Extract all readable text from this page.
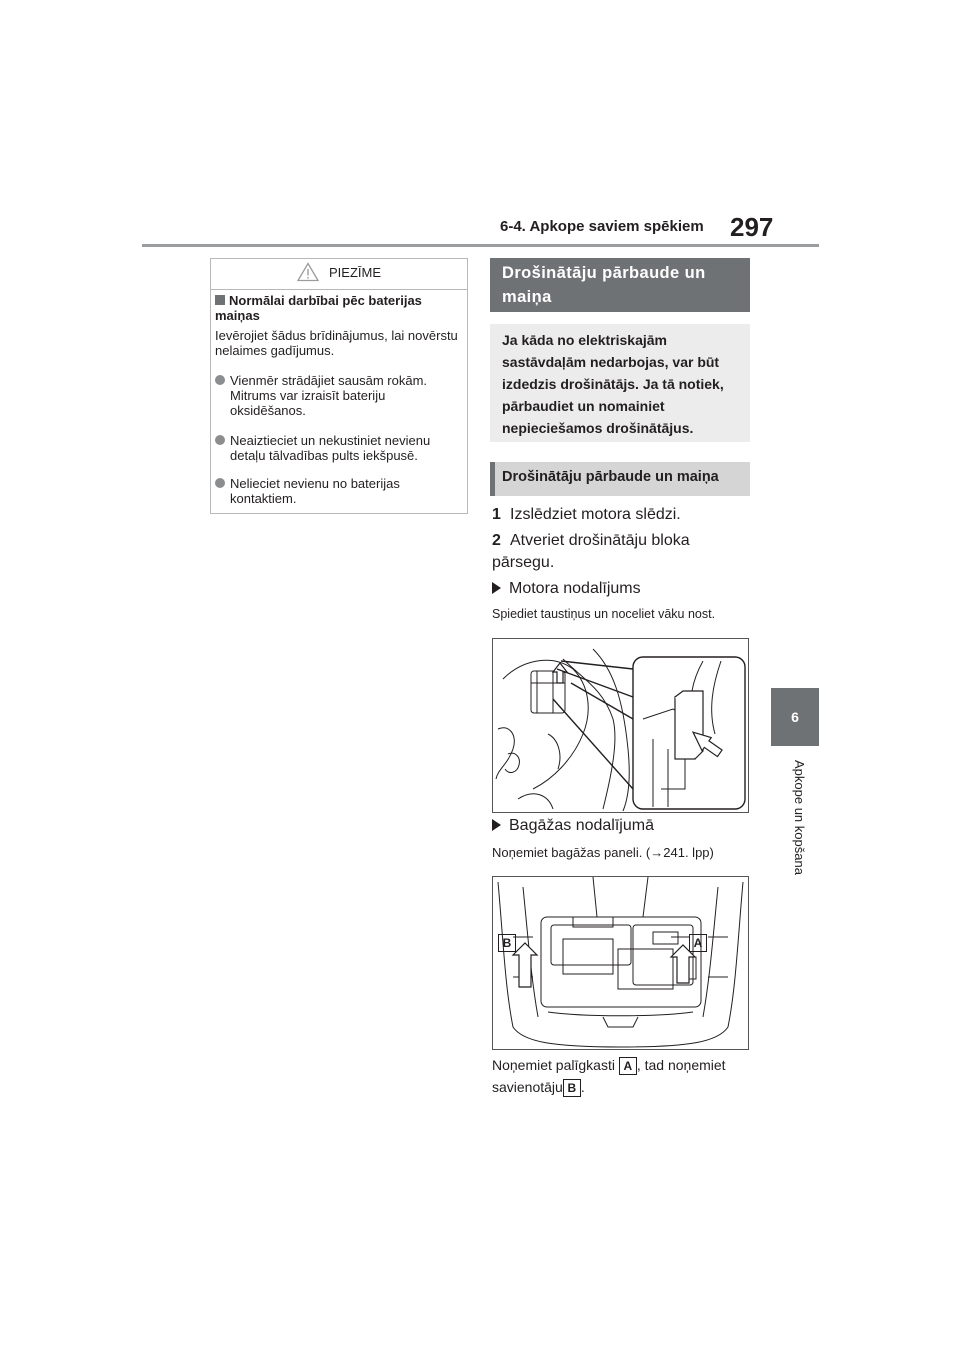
6-4. Apkope saviem spēkiem 297
6
Apkope un kopšana
PIEZĪME
Normālai darbībai pēc baterijas maiņas
Ievērojiet šādus brīdinājumus, lai novērstu nelaimes gadījumus.
Vienmēr strādājiet sausām rokām. Mitrums var izraisīt bateriju oksidēšanos.
Neaiztieciet un nekustiniet nevienu detaļu tālvadības pults iekšpusē.
Nelieciet nevienu no baterijas kontaktiem.
Drošinātāju pārbaude un maiņa
Ja kāda no elektriskajām sastāvdaļām nedarbojas, var būt izdedzis drošinātājs. Ja tā notiek, pārbaudiet un nomainiet nepieciešamos drošinātājus.
Drošinātāju pārbaude un maiņa
1 Izslēdziet motora slēdzi.
2 Atveriet drošinātāju bloka pārsegu.
Motora nodalījums
Spiediet taustiņus un noceliet vāku nost.
Bagāžas nodalījumā
Noņemiet bagāžas paneli. (→241. lpp)
B	A
Noņemiet palīgkasti A , tad noņemiet
savienotāju B .
